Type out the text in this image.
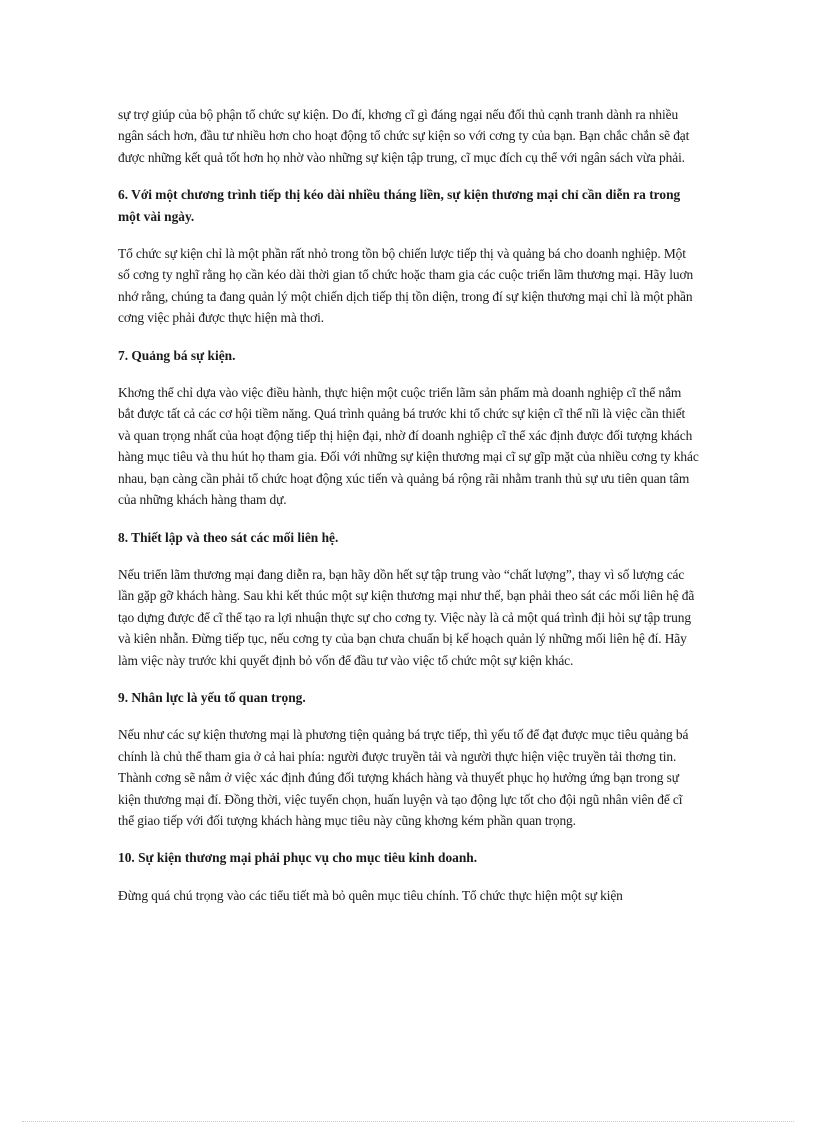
sự trợ giúp của bộ phận tổ chức sự kiện. Do đí, khơng cĩ gì đáng ngại nếu đối thủ cạnh tranh dành ra nhiều ngân sách hơn, đầu tư nhiều hơn cho hoạt động tổ chức sự kiện so với cơng ty của bạn. Bạn chắc chắn sẽ đạt được những kết quả tốt hơn họ nhờ vào những sự kiện tập trung, cĩ mục đích cụ thể với ngân sách vừa phải.

6. Với một chương trình tiếp thị kéo dài nhiều tháng liền, sự kiện thương mại chỉ cần diễn ra trong một vài ngày.

Tổ chức sự kiện chỉ là một phần rất nhỏ trong tồn bộ chiến lược tiếp thị và quảng bá cho doanh nghiệp. Một số cơng ty nghĩ rằng họ cần kéo dài thời gian tổ chức hoặc tham gia các cuộc triển lãm thương mại. Hãy luơn nhớ rằng, chúng ta đang quản lý một chiến dịch tiếp thị tồn diện, trong đí sự kiện thương mại chỉ là một phần cơng việc phải được thực hiện mà thơi.

7. Quảng bá sự kiện.

Khơng thể chỉ dựa vào việc điều hành, thực hiện một cuộc triển lãm sản phẩm mà doanh nghiệp cĩ thể nắm bắt được tất cả các cơ hội tiềm năng. Quá trình quảng bá trước khi tổ chức sự kiện cĩ thể nĩi là việc cần thiết và quan trọng nhất của hoạt động tiếp thị hiện đại, nhờ đí doanh nghiệp cĩ thể xác định được đối tượng khách hàng mục tiêu và thu hút họ tham gia. Đối với những sự kiện thương mại cĩ sự gĩp mặt của nhiều cơng ty khác nhau, bạn càng cần phải tổ chức hoạt động xúc tiến và quảng bá rộng rãi nhằm tranh thủ sự ưu tiên quan tâm của những khách hàng tham dự.

8. Thiết lập và theo sát các mối liên hệ.

Nếu triển lãm thương mại đang diễn ra, bạn hãy dồn hết sự tập trung vào “chất lượng”, thay vì số lượng các lần gặp gỡ khách hàng. Sau khi kết thúc một sự kiện thương mại như thế, bạn phải theo sát các mối liên hệ đã tạo dựng được để cĩ thể tạo ra lợi nhuận thực sự cho cơng ty. Việc này là cả một quá trình địi hỏi sự tập trung và kiên nhẫn. Đừng tiếp tục, nếu cơng ty của bạn chưa chuẩn bị kế hoạch quản lý những mối liên hệ đí. Hãy làm việc này trước khi quyết định bỏ vốn để đầu tư vào việc tổ chức một sự kiện khác.

9. Nhân lực là yếu tố quan trọng.

Nếu như các sự kiện thương mại là phương tiện quảng bá trực tiếp, thì yếu tố để đạt được mục tiêu quảng bá chính là chủ thể tham gia ở cả hai phía: người được truyền tải và người thực hiện việc truyền tải thơng tin. Thành cơng sẽ nằm ở việc xác định đúng đối tượng khách hàng và thuyết phục họ hưởng ứng bạn trong sự kiện thương mại đí. Đồng thời, việc tuyển chọn, huấn luyện và tạo động lực tốt cho đội ngũ nhân viên để cĩ thể giao tiếp với đối tượng khách hàng mục tiêu này cũng khơng kém phần quan trọng.

10. Sự kiện thương mại phải phục vụ cho mục tiêu kinh doanh.

Đừng quá chú trọng vào các tiểu tiết mà bỏ quên mục tiêu chính. Tổ chức thực hiện một sự kiện
